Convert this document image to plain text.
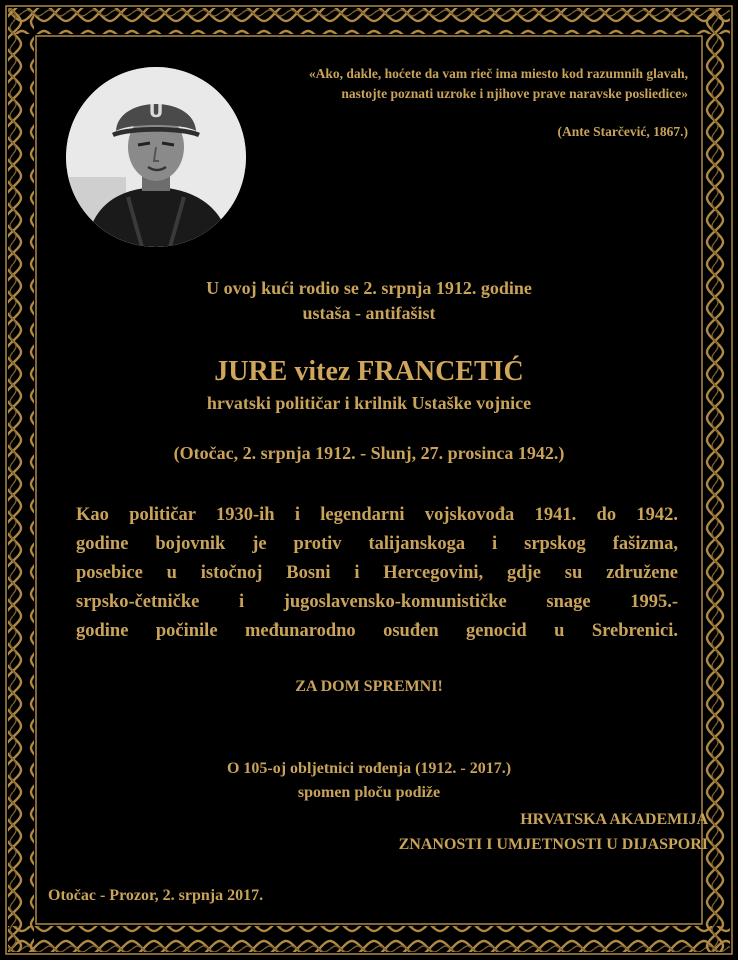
U
«Ako, dakle, hoćete da vam riеč ima miesto kod razumnih glavah,
nastojte poznati uzroke i njihove prave naravske posliedice»
(Ante Starčević, 1867.)
U ovoj kući rodio se 2. srpnja 1912. godine
ustaša - antifašist
JURE vitez FRANCETIĆ
hrvatski političar i krilnik Ustaške vojnice
(Otočac, 2. srpnja 1912. - Slunj, 27. prosinca 1942.)
Kao političar 1930-ih i legendarni vojskovođa 1941. do 1942.
godine bojovnik je protiv talijanskoga i srpskog fašizma,
posebice u istočnoj Bosni i Hercegovini, gdje su združene
srpsko-četničke i jugoslavensko-komunističke snage 1995.-
godine počinile međunarodno osuđen genocid u Srebrenici.
ZA DOM SPREMNI!
O 105-oj obljetnici rođenja (1912. - 2017.)
spomen ploču podiže
HRVATSKA AKADEMIJA
ZNANOSTI I UMJETNOSTI U DIJASPORI
Otočac - Prozor, 2. srpnja 2017.
